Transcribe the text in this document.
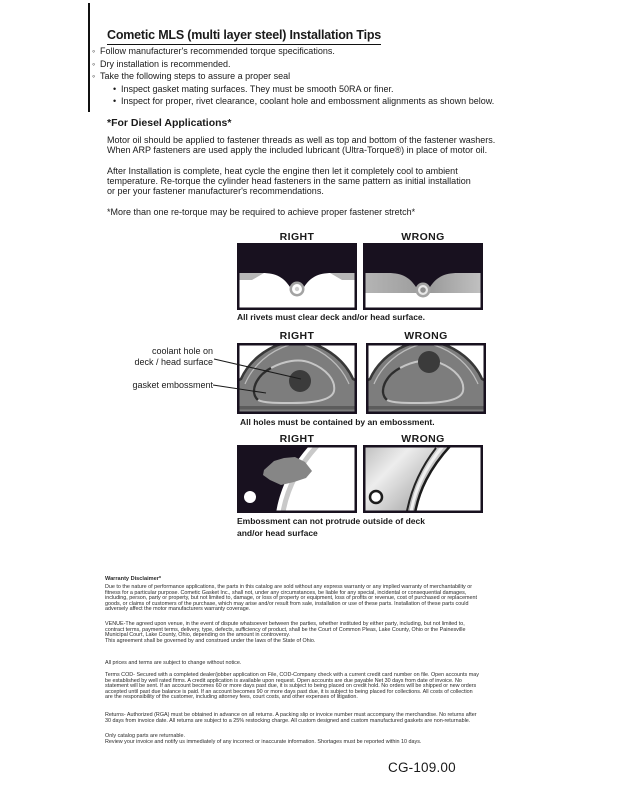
Cometic MLS (multi layer steel) Installation Tips
◦ Follow manufacturer's recommended torque specifications.
◦ Dry installation is recommended.
◦ Take the following steps to assure a proper seal
• Inspect gasket mating surfaces. They must be smooth 50RA or finer.
• Inspect for proper, rivet clearance, coolant hole and embossment alignments as shown below.
*For Diesel Applications*
Motor oil should be applied to fastener threads as well as top and bottom of the fastener washers.
When ARP fasteners are used apply the included lubricant (Ultra-Torque®) in place of motor oil.
After Installation is complete, heat cycle the engine then let it completely cool to ambient
temperature. Re-torque the cylinder head fasteners in the same pattern as initial installation
or per your fastener manufacturer's recommendations.
*More than one re-torque may be required to achieve proper fastener stretch*
RIGHT	WRONG
All rivets must clear deck and/or head surface.
RIGHT	WRONG
coolant hole on
deck / head surface
gasket embossment
All holes must be contained by an embossment.
RIGHT	WRONG
Embossment can not protrude outside of deck
and/or head surface
Warranty Disclaimer*
Due to the nature of performance applications, the parts in this catalog are sold without any express warranty or any implied warranty of merchantability or
fitness for a particular purpose. Cometic Gasket Inc., shall not, under any circumstances, be liable for any special, incidental or consequential damages,
including, person, party or property, but not limited to, damage, or loss of property or equipment, loss of profits or revenue, cost of purchased or replacement
goods, or claims of customers of the purchase, which may arise and/or result from sale, installation or use of these parts. Installation of these parts could
adversely affect the motor manufacturers warranty coverage.
VENUE-The agreed upon venue, in the event of dispute whatsoever between the parties, whether instituted by either party, including, but not limited to,
contract terms, payment terms, delivery, type, defects, sufficiency of product, shall be the Court of Common Pleas, Lake County, Ohio or the Painesville
Municipal Court, Lake County, Ohio, depending on the amount in controversy.
This agreement shall be governed by and construed under the laws of the State of Ohio.
All prices and terms are subject to change without notice.
Terms COD- Secured with a completed dealer/jobber application on File, COD-Company check with a current credit card number on file. Open accounts may
be established by well rated firms. A credit application is available upon request. Open accounts are due payable Net 30 days from date of invoice. No
statement will be sent. If an account becomes 60 or more days past due, it is subject to being placed on credit hold. No orders will be shipped or new orders
accepted until past due balance is paid. If an account becomes 90 or more days past due, it is subject to being placed for collections. All costs of collection
are the responsibility of the customer, including attorney fees, court costs, and other expenses of litigation.
Returns- Authorized (RGA) must be obtained in advance on all returns. A packing slip or invoice number must accompany the merchandise. No returns after
30 days from invoice date. All returns are subject to a 25% restocking charge. All custom designed and custom manufactured gaskets are non-returnable.
Only catalog parts are returnable.
Review your invoice and notify us immediately of any incorrect or inaccurate information. Shortages must be reported within 10 days.
CG-109.00
